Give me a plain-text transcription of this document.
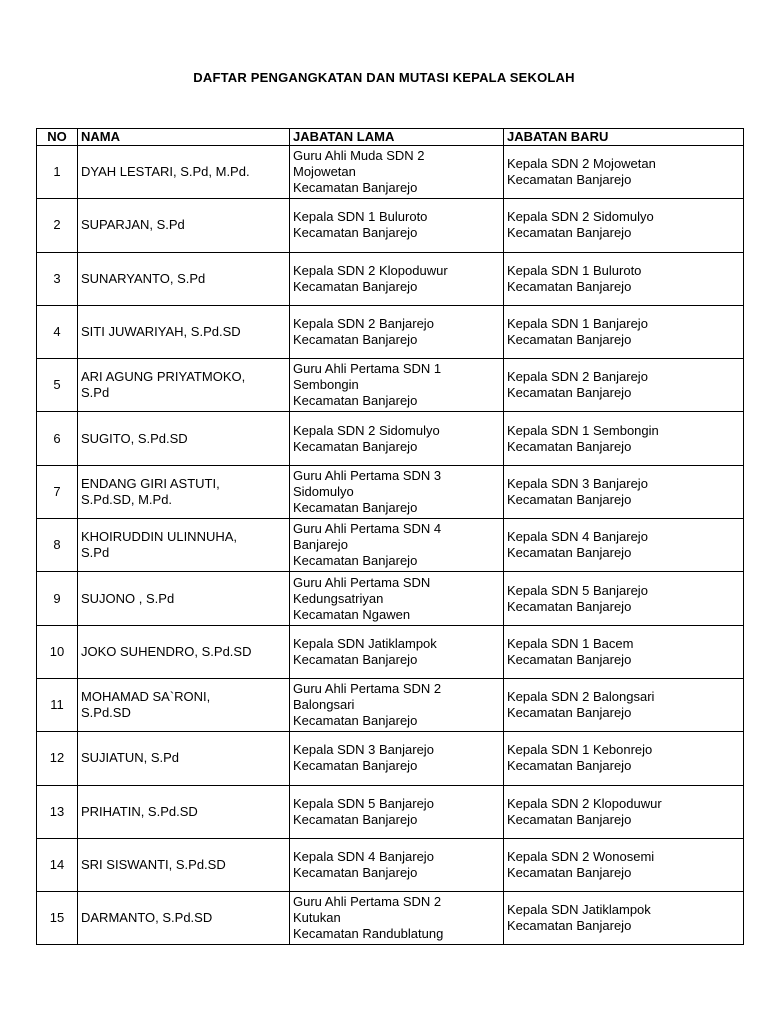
DAFTAR PENGANGKATAN DAN MUTASI KEPALA SEKOLAH
NO	NAMA	JABATAN LAMA	JABATAN BARU
1	DYAH LESTARI, S.Pd, M.Pd.	Guru Ahli Muda SDN 2
Mojowetan
Kecamatan Banjarejo	Kepala SDN 2 Mojowetan
Kecamatan Banjarejo
2	SUPARJAN, S.Pd	Kepala SDN 1 Buluroto
Kecamatan Banjarejo	Kepala SDN 2 Sidomulyo
Kecamatan Banjarejo
3	SUNARYANTO, S.Pd	Kepala SDN 2 Klopoduwur
Kecamatan Banjarejo	Kepala SDN 1 Buluroto
Kecamatan Banjarejo
4	SITI JUWARIYAH, S.Pd.SD	Kepala SDN 2 Banjarejo
Kecamatan Banjarejo	Kepala SDN 1 Banjarejo
Kecamatan Banjarejo
5	ARI AGUNG PRIYATMOKO,
S.Pd	Guru Ahli Pertama SDN 1
Sembongin
Kecamatan Banjarejo	Kepala SDN 2 Banjarejo
Kecamatan Banjarejo
6	SUGITO, S.Pd.SD	Kepala SDN 2 Sidomulyo
Kecamatan Banjarejo	Kepala SDN 1 Sembongin
Kecamatan Banjarejo
7	ENDANG GIRI ASTUTI,
S.Pd.SD, M.Pd.	Guru Ahli Pertama SDN 3
Sidomulyo
Kecamatan Banjarejo	Kepala SDN 3 Banjarejo
Kecamatan Banjarejo
8	KHOIRUDDIN ULINNUHA,
S.Pd	Guru Ahli Pertama SDN 4
Banjarejo
Kecamatan Banjarejo	Kepala SDN 4 Banjarejo
Kecamatan Banjarejo
9	SUJONO , S.Pd	Guru Ahli Pertama SDN
Kedungsatriyan
Kecamatan Ngawen	Kepala SDN 5 Banjarejo
Kecamatan Banjarejo
10	JOKO SUHENDRO, S.Pd.SD	Kepala SDN Jatiklampok
Kecamatan Banjarejo	Kepala SDN 1 Bacem
Kecamatan Banjarejo
11	MOHAMAD SA`RONI,
S.Pd.SD	Guru Ahli Pertama SDN 2
Balongsari
Kecamatan Banjarejo	Kepala SDN 2 Balongsari
Kecamatan Banjarejo
12	SUJIATUN, S.Pd	Kepala SDN 3 Banjarejo
Kecamatan Banjarejo	Kepala SDN 1 Kebonrejo
Kecamatan Banjarejo
13	PRIHATIN, S.Pd.SD	Kepala SDN 5 Banjarejo
Kecamatan Banjarejo	Kepala SDN 2 Klopoduwur
Kecamatan Banjarejo
14	SRI SISWANTI, S.Pd.SD	Kepala SDN 4 Banjarejo
Kecamatan Banjarejo	Kepala SDN 2 Wonosemi
Kecamatan Banjarejo
15	DARMANTO, S.Pd.SD	Guru Ahli Pertama SDN 2
Kutukan
Kecamatan Randublatung	Kepala SDN Jatiklampok
Kecamatan Banjarejo
